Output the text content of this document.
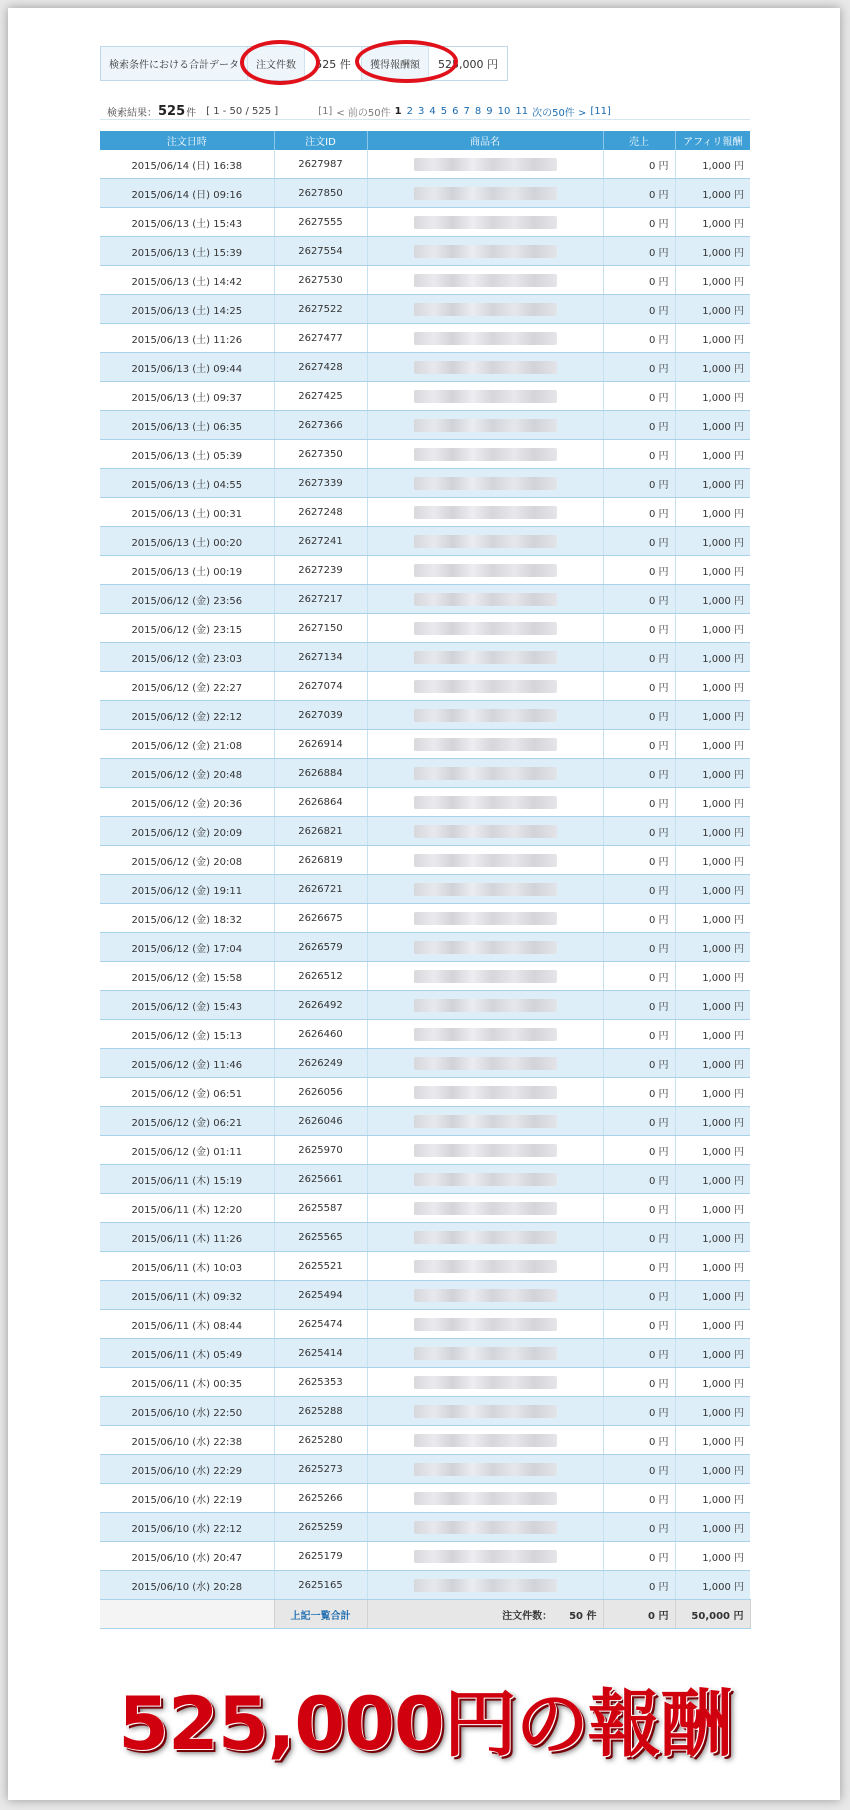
検索条件における合計データ	注文件数	525 件	獲得報酬額	525,000 円
検索結果： 525 件 [ 1 - 50 / 525 ]	[1] < 前の50件 1 2 3 4 5 6 7 8 9 10 11 次の50件 > [11]
注文日時	注文ID	商品名	売上	アフィリ報酬
2015/06/14 (日) 16:38	2627987		0 円	1,000 円
2015/06/14 (日) 09:16	2627850		0 円	1,000 円
2015/06/13 (土) 15:43	2627555		0 円	1,000 円
2015/06/13 (土) 15:39	2627554		0 円	1,000 円
2015/06/13 (土) 14:42	2627530		0 円	1,000 円
2015/06/13 (土) 14:25	2627522		0 円	1,000 円
2015/06/13 (土) 11:26	2627477		0 円	1,000 円
2015/06/13 (土) 09:44	2627428		0 円	1,000 円
2015/06/13 (土) 09:37	2627425		0 円	1,000 円
2015/06/13 (土) 06:35	2627366		0 円	1,000 円
2015/06/13 (土) 05:39	2627350		0 円	1,000 円
2015/06/13 (土) 04:55	2627339		0 円	1,000 円
2015/06/13 (土) 00:31	2627248		0 円	1,000 円
2015/06/13 (土) 00:20	2627241		0 円	1,000 円
2015/06/13 (土) 00:19	2627239		0 円	1,000 円
2015/06/12 (金) 23:56	2627217		0 円	1,000 円
2015/06/12 (金) 23:15	2627150		0 円	1,000 円
2015/06/12 (金) 23:03	2627134		0 円	1,000 円
2015/06/12 (金) 22:27	2627074		0 円	1,000 円
2015/06/12 (金) 22:12	2627039		0 円	1,000 円
2015/06/12 (金) 21:08	2626914		0 円	1,000 円
2015/06/12 (金) 20:48	2626884		0 円	1,000 円
2015/06/12 (金) 20:36	2626864		0 円	1,000 円
2015/06/12 (金) 20:09	2626821		0 円	1,000 円
2015/06/12 (金) 20:08	2626819		0 円	1,000 円
2015/06/12 (金) 19:11	2626721		0 円	1,000 円
2015/06/12 (金) 18:32	2626675		0 円	1,000 円
2015/06/12 (金) 17:04	2626579		0 円	1,000 円
2015/06/12 (金) 15:58	2626512		0 円	1,000 円
2015/06/12 (金) 15:43	2626492		0 円	1,000 円
2015/06/12 (金) 15:13	2626460		0 円	1,000 円
2015/06/12 (金) 11:46	2626249		0 円	1,000 円
2015/06/12 (金) 06:51	2626056		0 円	1,000 円
2015/06/12 (金) 06:21	2626046		0 円	1,000 円
2015/06/12 (金) 01:11	2625970		0 円	1,000 円
2015/06/11 (木) 15:19	2625661		0 円	1,000 円
2015/06/11 (木) 12:20	2625587		0 円	1,000 円
2015/06/11 (木) 11:26	2625565		0 円	1,000 円
2015/06/11 (木) 10:03	2625521		0 円	1,000 円
2015/06/11 (木) 09:32	2625494		0 円	1,000 円
2015/06/11 (木) 08:44	2625474		0 円	1,000 円
2015/06/11 (木) 05:49	2625414		0 円	1,000 円
2015/06/11 (木) 00:35	2625353		0 円	1,000 円
2015/06/10 (水) 22:50	2625288		0 円	1,000 円
2015/06/10 (水) 22:38	2625280		0 円	1,000 円
2015/06/10 (水) 22:29	2625273		0 円	1,000 円
2015/06/10 (水) 22:19	2625266		0 円	1,000 円
2015/06/10 (水) 22:12	2625259		0 円	1,000 円
2015/06/10 (水) 20:47	2625179		0 円	1,000 円
2015/06/10 (水) 20:28	2625165		0 円	1,000 円
	上記一覧合計	注文件数： 50 件	0 円	50,000 円
525,000円の報酬
